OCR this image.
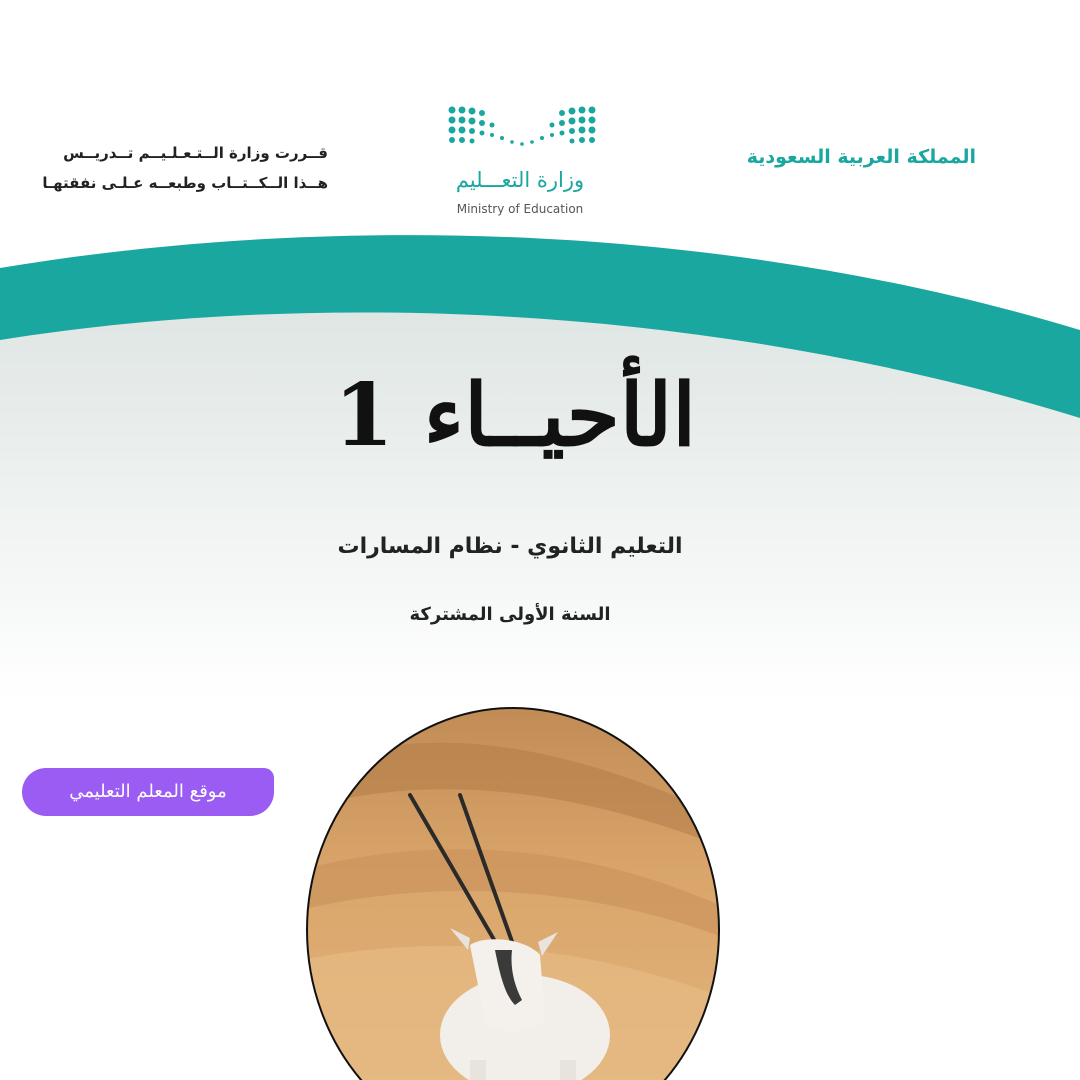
المملكة العربية السعودية
قــررت وزارة الــتـعـلـيــم تــدريــس
هــذا الــكــتــاب وطبعــه عـلـى نفقتهـا	وزارة التعـــليم
Ministry of Education
الأحيــاء 1
التعليم الثانوي - نظام المسارات
السنة الأولى المشتركة
موقع المعلم التعليمي
